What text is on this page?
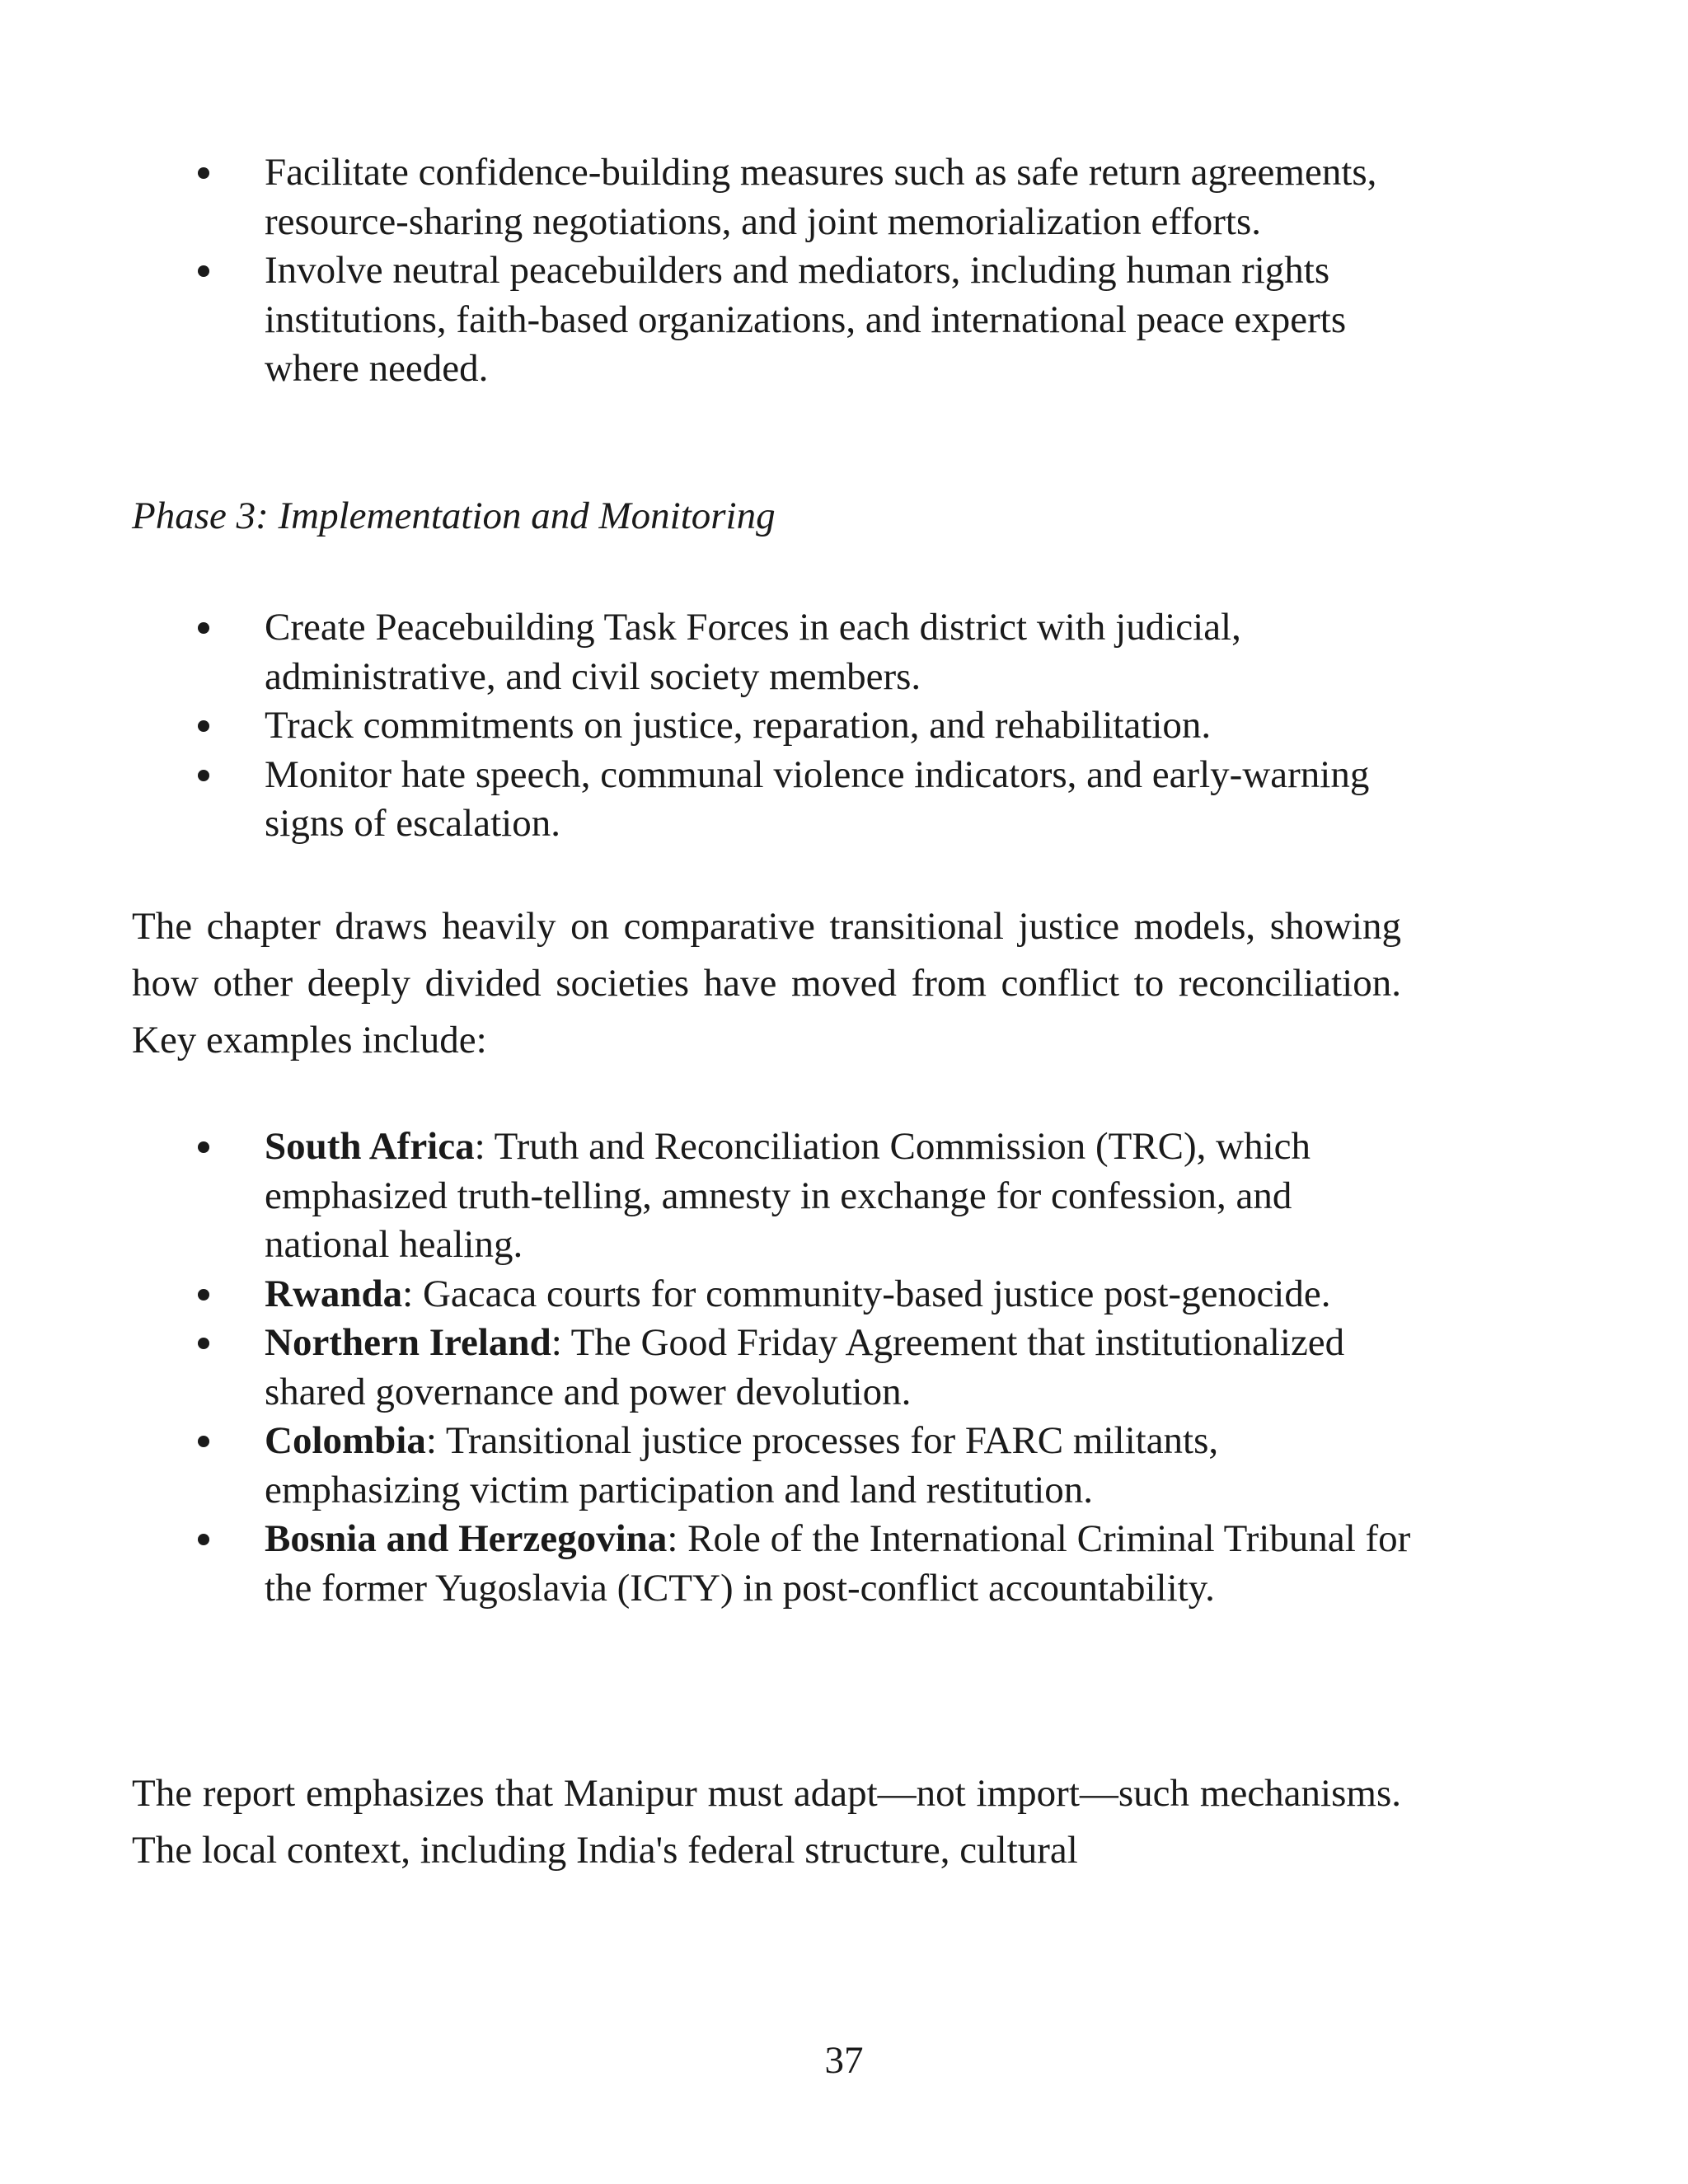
Facilitate confidence-building measures such as safe return agreements, resource-sharing negotiations, and joint memorialization efforts.
Involve neutral peacebuilders and mediators, including human rights institutions, faith-based organizations, and international peace experts where needed.
Phase 3: Implementation and Monitoring
Create Peacebuilding Task Forces in each district with judicial, administrative, and civil society members.
Track commitments on justice, reparation, and rehabilitation.
Monitor hate speech, communal violence indicators, and early-warning signs of escalation.

The chapter draws heavily on comparative transitional justice models, showing how other deeply divided societies have moved from conflict to reconciliation. Key examples include:

South Africa: Truth and Reconciliation Commission (TRC), which emphasized truth-telling, amnesty in exchange for confession, and national healing.
Rwanda: Gacaca courts for community-based justice post-genocide.
Northern Ireland: The Good Friday Agreement that institutionalized shared governance and power devolution.
Colombia: Transitional justice processes for FARC militants, emphasizing victim participation and land restitution.
Bosnia and Herzegovina: Role of the International Criminal Tribunal for the former Yugoslavia (ICTY) in post-conflict accountability.

The report emphasizes that Manipur must adapt—not import—such mechanisms. The local context, including India's federal structure, cultural

37
